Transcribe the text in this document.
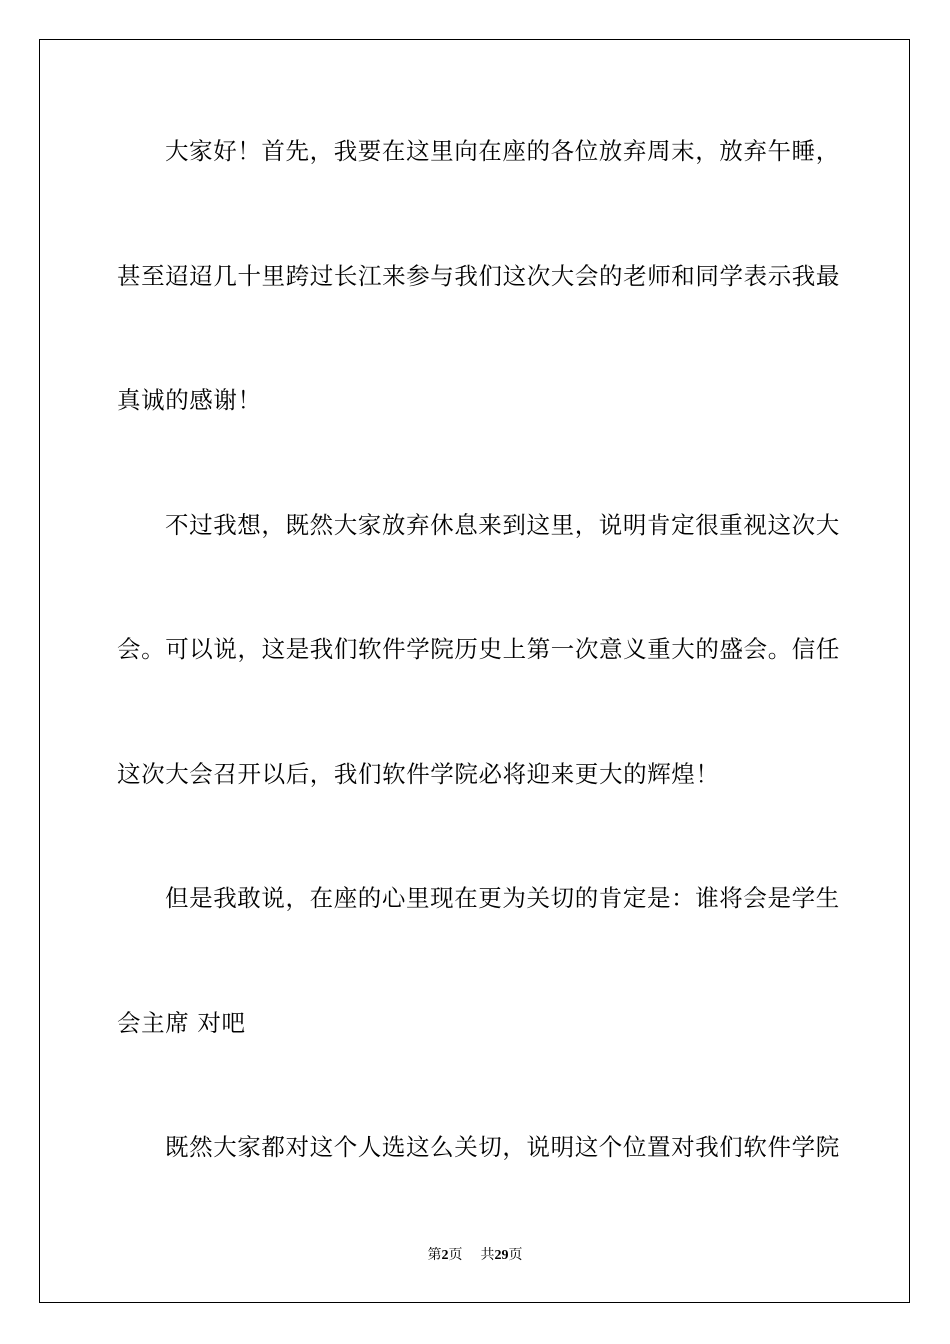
大家好！首先，我要在这里向在座的各位放弃周末，放弃午睡，
甚至迢迢几十里跨过长江来参与我们这次大会的老师和同学表示我最
真诚的感谢！
不过我想，既然大家放弃休息来到这里，说明肯定很重视这次大
会。可以说，这是我们软件学院历史上第一次意义重大的盛会。信任
这次大会召开以后，我们软件学院必将迎来更大的辉煌！
但是我敢说，在座的心里现在更为关切的肯定是：谁将会是学生
会主席 对吧
既然大家都对这个人选这么关切，说明这个位置对我们软件学院
第2页 共29页
